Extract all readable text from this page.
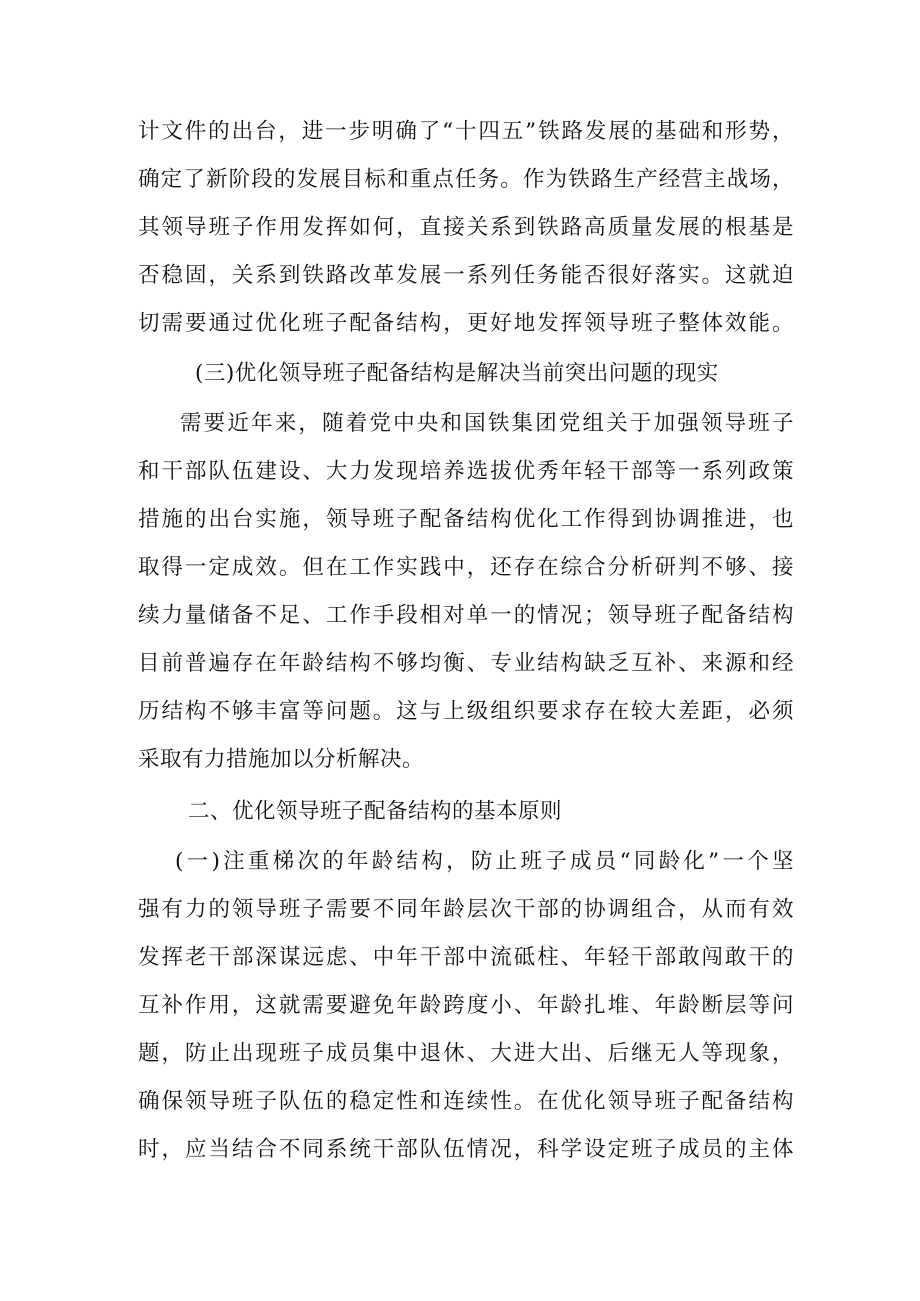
计文件的出台，进一步明确了“十四五”铁路发展的基础和形势，
确定了新阶段的发展目标和重点任务。作为铁路生产经营主战场，
其领导班子作用发挥如何，直接关系到铁路高质量发展的根基是
否稳固，关系到铁路改革发展一系列任务能否很好落实。这就迫
切需要通过优化班子配备结构，更好地发挥领导班子整体效能。
(三)优化领导班子配备结构是解决当前突出问题的现实
需要近年来，随着党中央和国铁集团党组关于加强领导班子
和干部队伍建设、大力发现培养选拔优秀年轻干部等一系列政策
措施的出台实施，领导班子配备结构优化工作得到协调推进，也
取得一定成效。但在工作实践中，还存在综合分析研判不够、接
续力量储备不足、工作手段相对单一的情况；领导班子配备结构
目前普遍存在年龄结构不够均衡、专业结构缺乏互补、来源和经
历结构不够丰富等问题。这与上级组织要求存在较大差距，必须
采取有力措施加以分析解决。
二、优化领导班子配备结构的基本原则
(一)注重梯次的年龄结构，防止班子成员“同龄化”一个坚
强有力的领导班子需要不同年龄层次干部的协调组合，从而有效
发挥老干部深谋远虑、中年干部中流砥柱、年轻干部敢闯敢干的
互补作用，这就需要避免年龄跨度小、年龄扎堆、年龄断层等问
题，防止出现班子成员集中退休、大进大出、后继无人等现象，
确保领导班子队伍的稳定性和连续性。在优化领导班子配备结构
时，应当结合不同系统干部队伍情况，科学设定班子成员的主体
